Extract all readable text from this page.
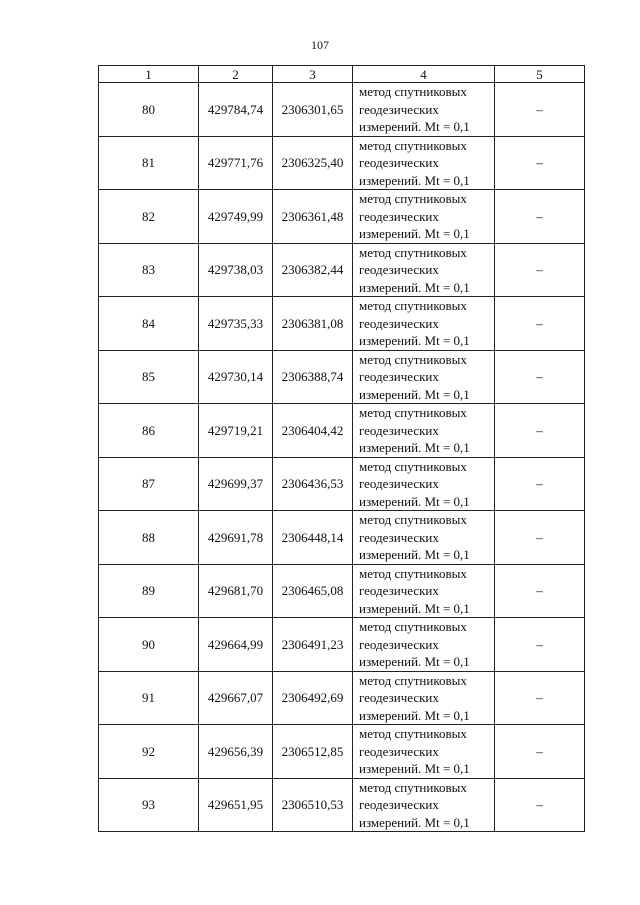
107
1	2	3	4	5
80	429784,74	2306301,65	метод спутниковых геодезических измерений. Mt = 0,1	–
81	429771,76	2306325,40	метод спутниковых геодезических измерений. Mt = 0,1	–
82	429749,99	2306361,48	метод спутниковых геодезических измерений. Mt = 0,1	–
83	429738,03	2306382,44	метод спутниковых геодезических измерений. Mt = 0,1	–
84	429735,33	2306381,08	метод спутниковых геодезических измерений. Mt = 0,1	–
85	429730,14	2306388,74	метод спутниковых геодезических измерений. Mt = 0,1	–
86	429719,21	2306404,42	метод спутниковых геодезических измерений. Mt = 0,1	–
87	429699,37	2306436,53	метод спутниковых геодезических измерений. Mt = 0,1	–
88	429691,78	2306448,14	метод спутниковых геодезических измерений. Mt = 0,1	–
89	429681,70	2306465,08	метод спутниковых геодезических измерений. Mt = 0,1	–
90	429664,99	2306491,23	метод спутниковых геодезических измерений. Mt = 0,1	–
91	429667,07	2306492,69	метод спутниковых геодезических измерений. Mt = 0,1	–
92	429656,39	2306512,85	метод спутниковых геодезических измерений. Mt = 0,1	–
93	429651,95	2306510,53	метод спутниковых геодезических измерений. Mt = 0,1	–
